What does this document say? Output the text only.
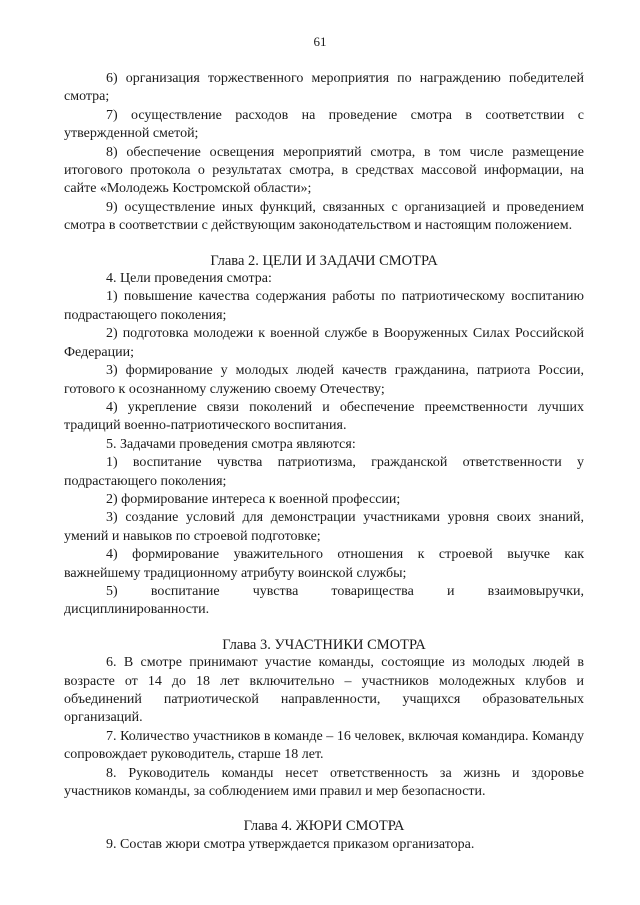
61

6) организация торжественного мероприятия по награждению победителей смотра;

7) осуществление расходов на проведение смотра в соответствии с утвержденной сметой;

8) обеспечение освещения мероприятий смотра, в том числе размещение итогового протокола о результатах смотра, в средствах массовой информации, на сайте «Молодежь Костромской области»;

9) осуществление иных функций, связанных с организацией и проведением смотра в соответствии с действующим законодательством и настоящим положением.

Глава 2. ЦЕЛИ И ЗАДАЧИ СМОТРА

4. Цели проведения смотра:

1) повышение качества содержания работы по патриотическому воспитанию подрастающего поколения;

2) подготовка молодежи к военной службе в Вооруженных Силах Российской Федерации;

3) формирование у молодых людей качеств гражданина, патриота России, готового к осознанному служению своему Отечеству;

4) укрепление связи поколений и обеспечение преемственности лучших традиций военно-патриотического воспитания.

5. Задачами проведения смотра являются:

1) воспитание чувства патриотизма, гражданской ответственности у подрастающего поколения;

2) формирование интереса к военной профессии;

3) создание условий для демонстрации участниками уровня своих знаний, умений и навыков по строевой подготовке;

4) формирование уважительного отношения к строевой выучке как важнейшему традиционному атрибуту воинской службы;

5) воспитание чувства товарищества и взаимовыручки, дисциплинированности.

Глава 3. УЧАСТНИКИ СМОТРА

6. В смотре принимают участие команды, состоящие из молодых людей в возрасте от 14 до 18 лет включительно – участников молодежных клубов и объединений патриотической направленности, учащихся образовательных организаций.

7. Количество участников в команде – 16 человек, включая командира. Команду сопровождает руководитель, старше 18 лет.

8. Руководитель команды несет ответственность за жизнь и здоровье участников команды, за соблюдением ими правил и мер безопасности.

Глава 4. ЖЮРИ СМОТРА

9. Состав жюри смотра утверждается приказом организатора.
